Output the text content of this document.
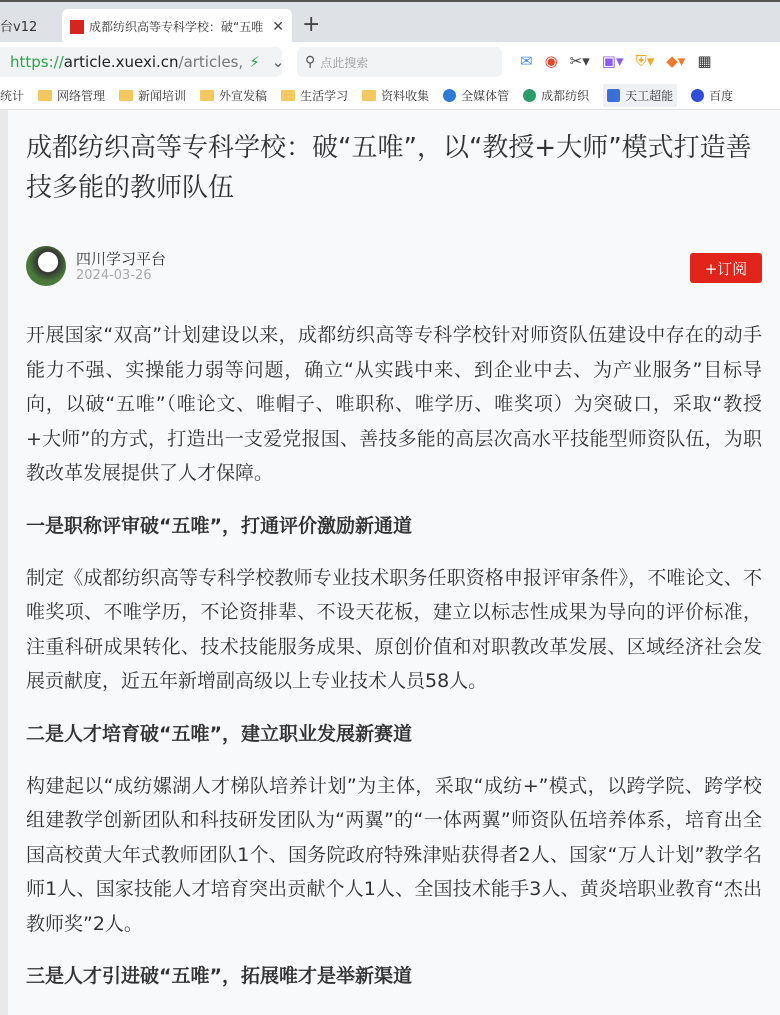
台v12	成都纺织高等专科学校：破“五唯 ✕ +
https:// article.xuexi.cn /articles, ⚡ ⌄ ⚲ 点此搜索	✉ ◉ ✂▾ ▣▾ ⛨▾ ◆▾ ▦
统计	网络管理	新闻培训	外宣发稿	生活学习	资料收集	全媒体管	成都纺织	天工超能	百度
成都纺织高等专科学校：破“五唯”，以“教授+大师”模式打造善技多能的教师队伍
四川学习平台
2024-03-26	+订阅

开展国家“双高”计划建设以来，成都纺织高等专科学校针对师资队伍建设中存在的动手能力不强、实操能力弱等问题，确立“从实践中来、到企业中去、为产业服务”目标导向，以破“五唯”（唯论文、唯帽子、唯职称、唯学历、唯奖项）为突破口，采取“教授+大师”的方式，打造出一支爱党报国、善技多能的高层次高水平技能型师资队伍，为职教改革发展提供了人才保障。

一是职称评审破“五唯”，打通评价激励新通道

制定《成都纺织高等专科学校教师专业技术职务任职资格申报评审条件》，不唯论文、不唯奖项、不唯学历，不论资排辈、不设天花板，建立以标志性成果为导向的评价标准，注重科研成果转化、技术技能服务成果、原创价值和对职教改革发展、区域经济社会发展贡献度，近五年新增副高级以上专业技术人员58人。

二是人才培育破“五唯”，建立职业发展新赛道

构建起以“成纺嫘湖人才梯队培养计划”为主体，采取“成纺+”模式，以跨学院、跨学校组建教学创新团队和科技研发团队为“两翼”的“一体两翼”师资队伍培养体系，培育出全国高校黄大年式教师团队1个、国务院政府特殊津贴获得者2人、国家“万人计划”教学名师1人、国家技能人才培育突出贡献个人1人、全国技术能手3人、黄炎培职业教育“杰出教师奖”2人。

三是人才引进破“五唯”，拓展唯才是举新渠道
